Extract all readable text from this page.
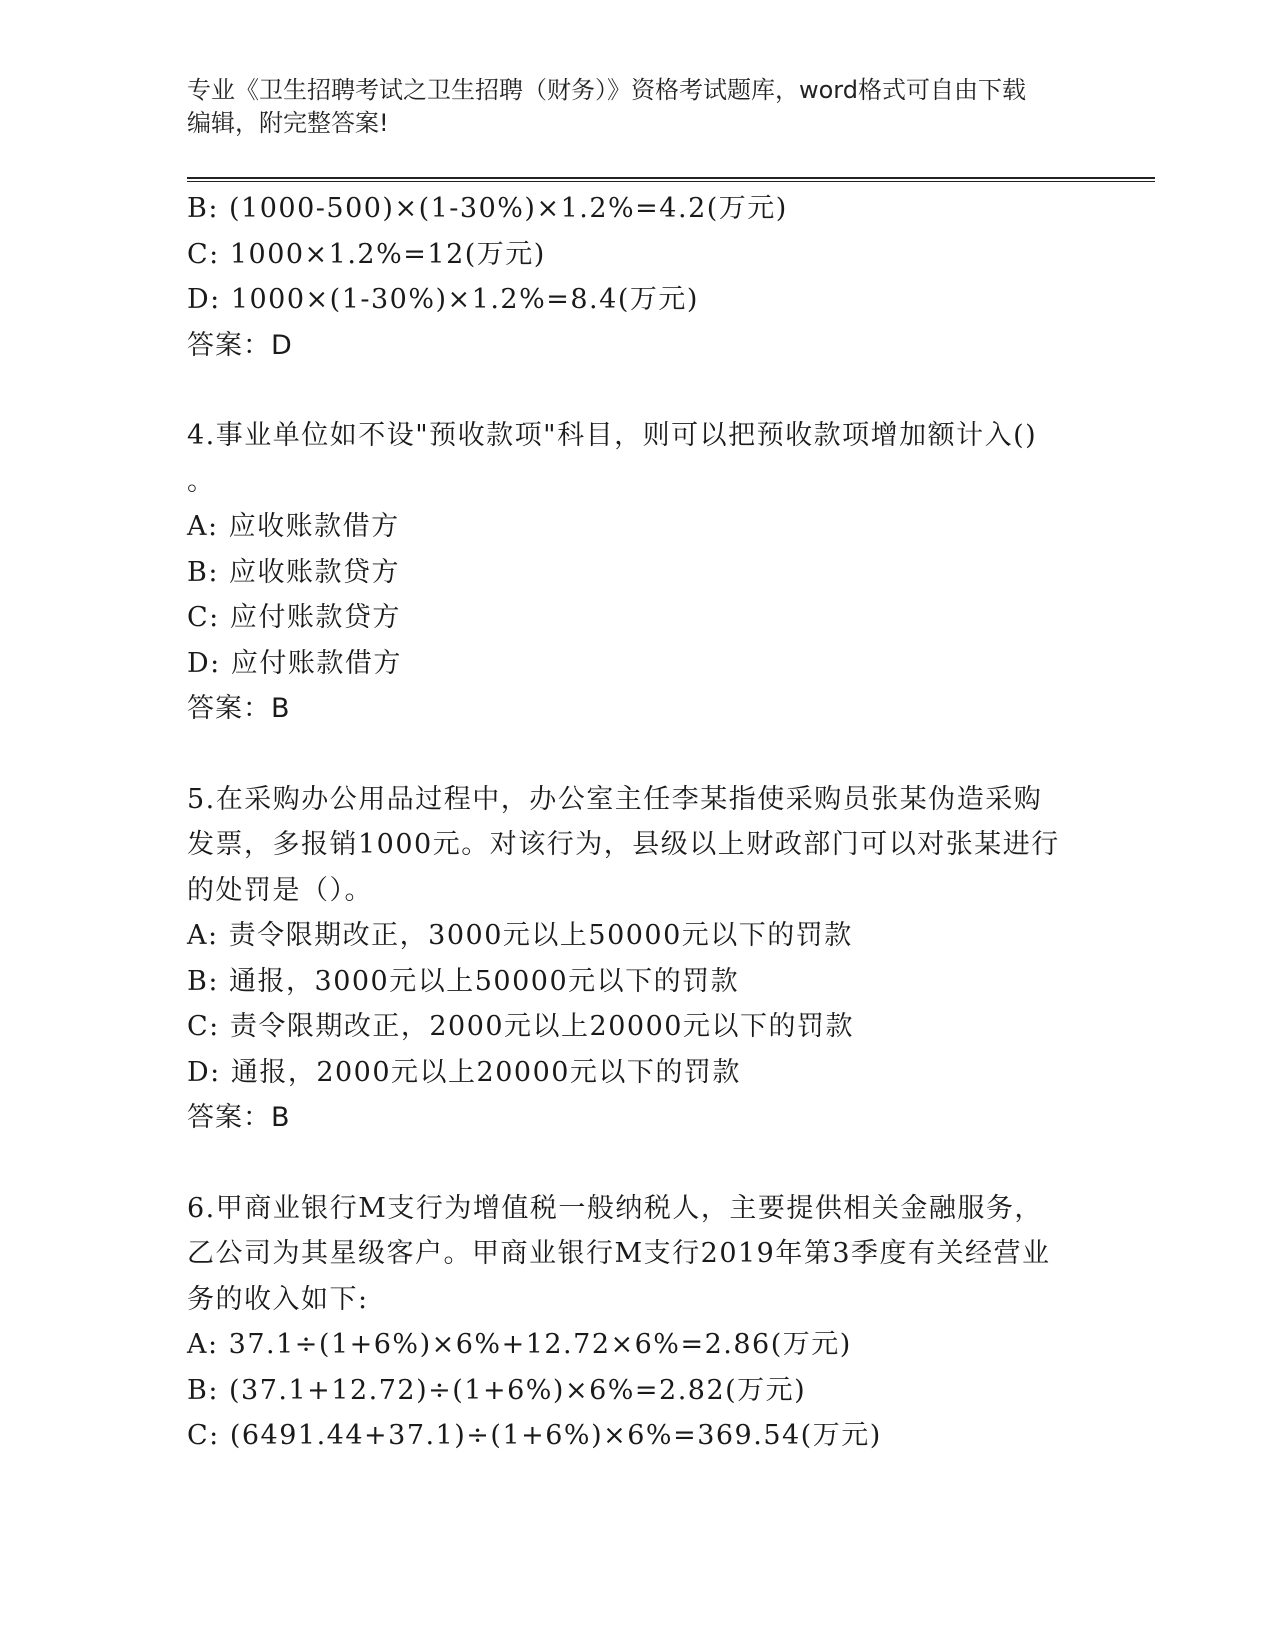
专业《卫生招聘考试之卫生招聘（财务）》资格考试题库，word格式可自由下载
编辑，附完整答案!
B: (1000-500)×(1-30%)×1.2%=4.2(万元)
C: 1000×1.2%=12(万元)
D: 1000×(1-30%)×1.2%=8.4(万元)
答案：D
4.事业单位如不设"预收款项"科目，则可以把预收款项增加额计入()
。
A: 应收账款借方
B: 应收账款贷方
C: 应付账款贷方
D: 应付账款借方
答案：B
5.在采购办公用品过程中，办公室主任李某指使采购员张某伪造采购
发票，多报销1000元。对该行为，县级以上财政部门可以对张某进行
的处罚是（）。
A: 责令限期改正，3000元以上50000元以下的罚款
B: 通报，3000元以上50000元以下的罚款
C: 责令限期改正，2000元以上20000元以下的罚款
D: 通报，2000元以上20000元以下的罚款
答案：B
6.甲商业银行M支行为增值税一般纳税人，主要提供相关金融服务，
乙公司为其星级客户。甲商业银行M支行2019年第3季度有关经营业
务的收入如下:
A: 37.1÷(1+6%)×6%+12.72×6%=2.86(万元)
B: (37.1+12.72)÷(1+6%)×6%=2.82(万元)
C: (6491.44+37.1)÷(1+6%)×6%=369.54(万元)
